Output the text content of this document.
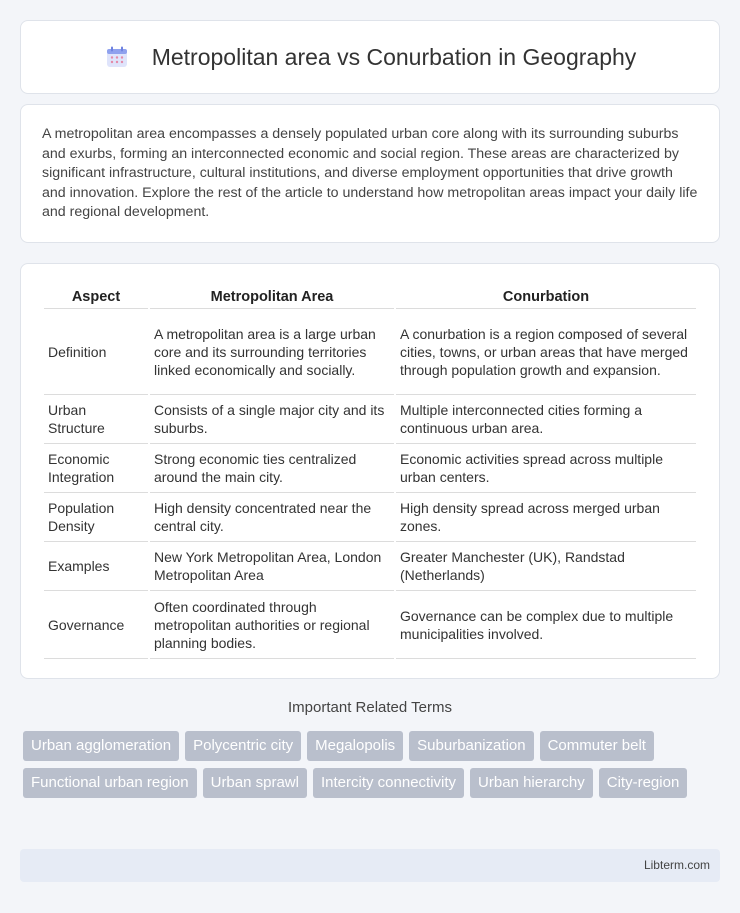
Metropolitan area vs Conurbation in Geography

A metropolitan area encompasses a densely populated urban core along with its surrounding suburbs and exurbs, forming an interconnected economic and social region. These areas are characterized by significant infrastructure, cultural institutions, and diverse employment opportunities that drive growth and innovation. Explore the rest of the article to understand how metropolitan areas impact your daily life and regional development.

Aspect	Metropolitan Area	Conurbation
Definition	A metropolitan area is a large urban core and its surrounding territories linked economically and socially.	A conurbation is a region composed of several cities, towns, or urban areas that have merged through population growth and expansion.
Urban Structure	Consists of a single major city and its suburbs.	Multiple interconnected cities forming a continuous urban area.
Economic Integration	Strong economic ties centralized around the main city.	Economic activities spread across multiple urban centers.
Population Density	High density concentrated near the central city.	High density spread across merged urban zones.
Examples	New York Metropolitan Area, London Metropolitan Area	Greater Manchester (UK), Randstad (Netherlands)
Governance	Often coordinated through metropolitan authorities or regional planning bodies.	Governance can be complex due to multiple municipalities involved.
Important Related Terms
Urban agglomeration	Polycentric city	Megalopolis	Suburbanization	Commuter belt
Functional urban region	Urban sprawl	Intercity connectivity	Urban hierarchy	City-region
Libterm.com
